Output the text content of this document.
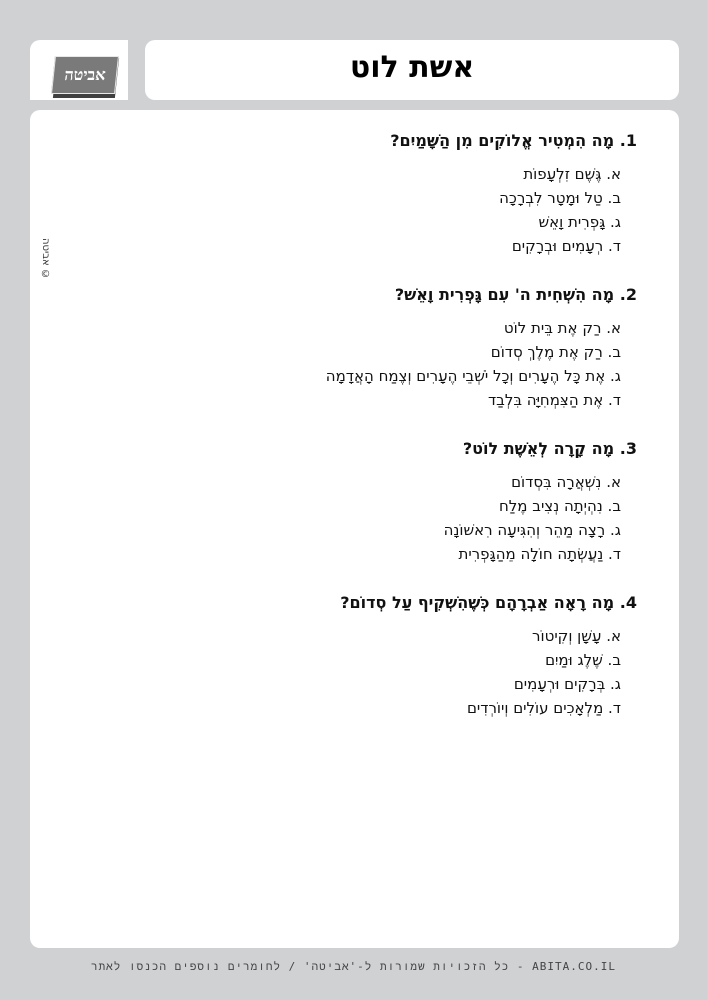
אשת לוט
אביטה
© אביטה
1. מָה הִמְטִיר אֱלוֹקִים מִן הַשָּׁמַיִם?
א. גֶּשֶׁם זִלְעָפוֹת
ב. טַל וּמָטָר לִבְרָכָה
ג. גָּפְרִית וָאֵשׁ
ד. רְעָמִים וּבְרָקִים
2. מָה הִשְׁחִית ה' עִם גָּפְרִית וָאֵשׁ?
א. רַק אֶת בֵּית לוֹט
ב. רַק אֶת מֶלֶךְ סְדוֹם
ג. אֶת כָּל הֶעָרִים וְכָל יֹשְׁבֵי הֶעָרִים וְצֶמַח הָאֲדָמָה
ד. אֶת הַצִּמְחִיָּה בִּלְבַד
3. מָה קָרָה לְאֵשֶׁת לוֹט?
א. נִשְׁאֲרָה בִּסְדוֹם
ב. נִהְיְתָה נְצִיב מֶלַח
ג. רָצָה מַהֵר וְהִגִּיעָה רִאשׁוֹנָה
ד. נַעֲשְׂתָה חוֹלָה מֵהַגָּפְרִית
4. מָה רָאָה אַבְרָהָם כְּשֶׁהִשְׁקִיף עַל סְדוֹם?
א. עָשָׁן וְקִיטוֹר
ב. שֶׁלֶג וּמַיִם
ג. בְּרָקִים וּרְעָמִים
ד. מַלְאָכִים עוֹלִים וְיוֹרְדִים
כל הזכויות שמורות ל-'אביטה' / לחומרים נוספים הכנסו לאתר - ABITA.CO.IL
